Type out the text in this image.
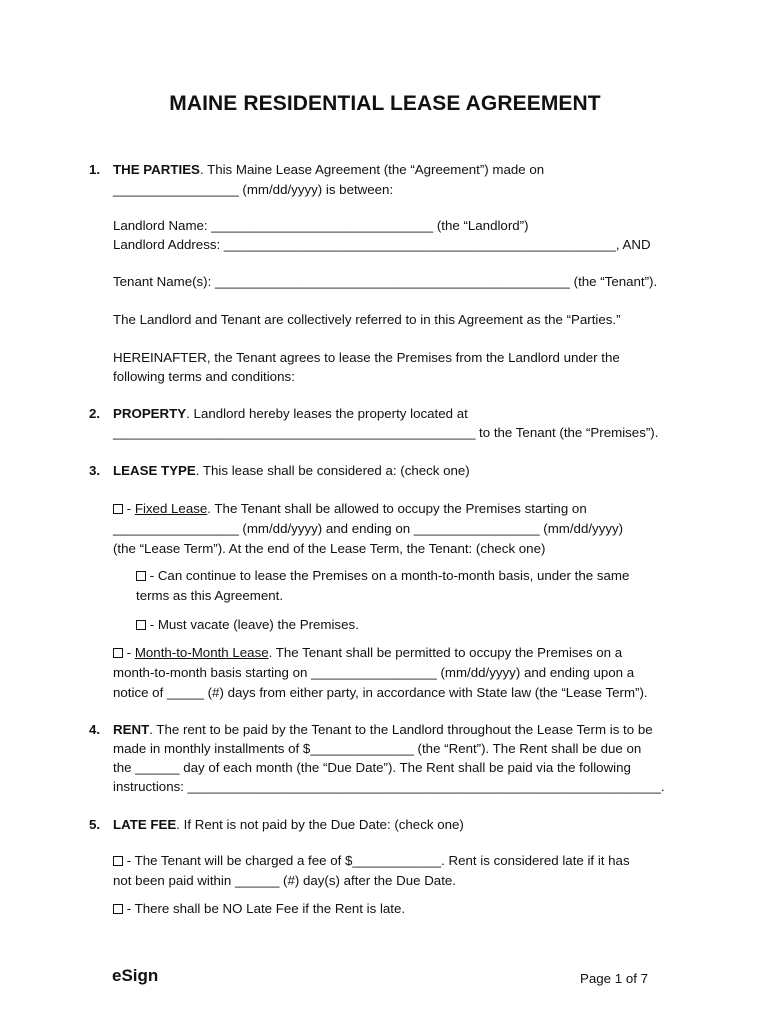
MAINE RESIDENTIAL LEASE AGREEMENT
1. THE PARTIES. This Maine Lease Agreement (the “Agreement”) made on
_________________ (mm/dd/yyyy) is between:
Landlord Name: ______________________________ (the “Landlord”)
Landlord Address: _____________________________________________________, AND
Tenant Name(s): ________________________________________________ (the “Tenant”).
The Landlord and Tenant are collectively referred to in this Agreement as the “Parties.”
HEREINAFTER, the Tenant agrees to lease the Premises from the Landlord under the
following terms and conditions:
2. PROPERTY. Landlord hereby leases the property located at
_________________________________________________ to the Tenant (the “Premises”).
3. LEASE TYPE. This lease shall be considered a: (check one)
- Fixed Lease. The Tenant shall be allowed to occupy the Premises starting on
_________________ (mm/dd/yyyy) and ending on _________________ (mm/dd/yyyy)
(the “Lease Term”). At the end of the Lease Term, the Tenant: (check one)
- Can continue to lease the Premises on a month-to-month basis, under the same
terms as this Agreement.
- Must vacate (leave) the Premises.
- Month-to-Month Lease. The Tenant shall be permitted to occupy the Premises on a
month-to-month basis starting on _________________ (mm/dd/yyyy) and ending upon a
notice of _____ (#) days from either party, in accordance with State law (the “Lease Term”).
4. RENT. The rent to be paid by the Tenant to the Landlord throughout the Lease Term is to be
made in monthly installments of $______________ (the “Rent”). The Rent shall be due on
the ______ day of each month (the “Due Date”). The Rent shall be paid via the following
instructions: ________________________________________________________________.
5. LATE FEE. If Rent is not paid by the Due Date: (check one)
- The Tenant will be charged a fee of $____________. Rent is considered late if it has
not been paid within ______ (#) day(s) after the Due Date.
- There shall be NO Late Fee if the Rent is late.
eSign	Page 1 of 7
